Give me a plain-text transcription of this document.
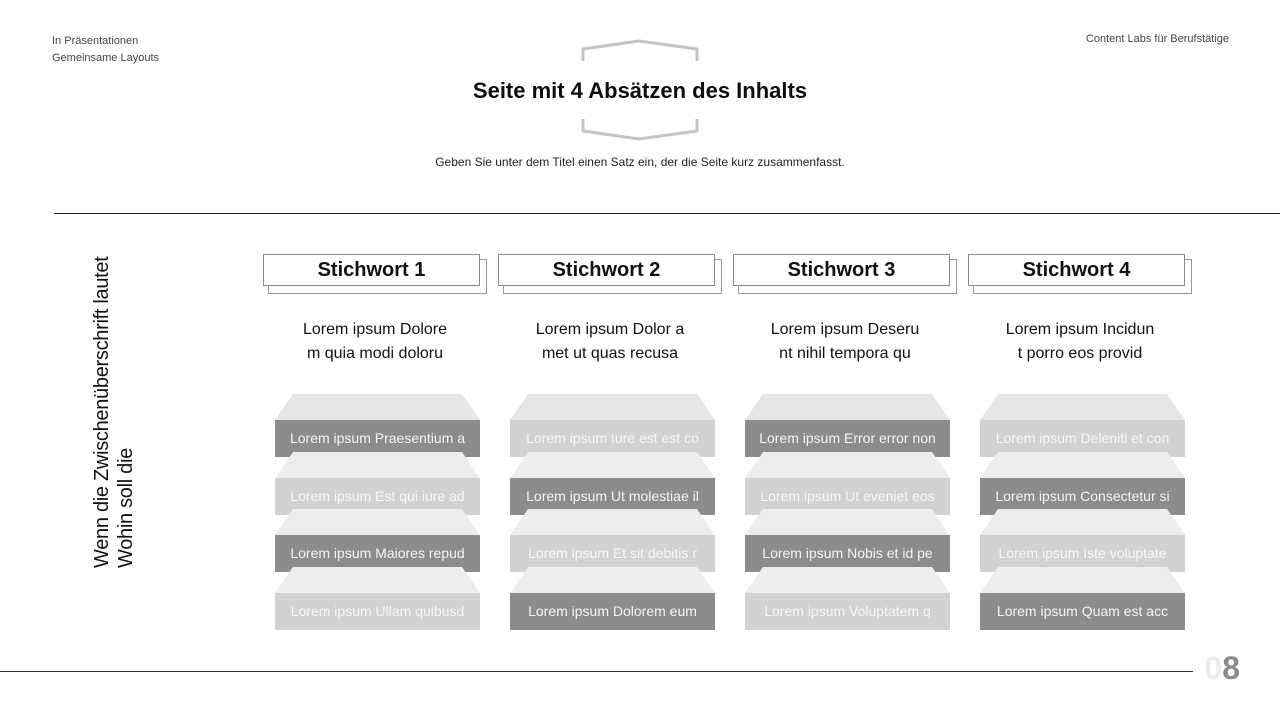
In Präsentationen
Gemeinsame Layouts
Content Labs für Berufstätige
Seite mit 4 Absätzen des Inhalts
Geben Sie unter dem Titel einen Satz ein, der die Seite kurz zusammenfasst.
Wenn die Zwischenüberschrift lautet Wohin soll die
Stichwort 1
Lorem ipsum Dolore
m quia modi doloru
Lorem ipsum Praesentium a
Lorem ipsum Est qui iure ad
Lorem ipsum Maiores repud
Lorem ipsum Ullam quibusd
Stichwort 2
Lorem ipsum Dolor a
met ut quas recusa
Lorem ipsum Iure est est co
Lorem ipsum Ut molestiae il
Lorem ipsum Et sit debitis r
Lorem ipsum Dolorem eum
Stichwort 3
Lorem ipsum Deseru
nt nihil tempora qu
Lorem ipsum Error error non
Lorem ipsum Ut eveniet eos
Lorem ipsum Nobis et id pe
Lorem ipsum Voluptatem q
Stichwort 4
Lorem ipsum Incidun
t porro eos provid
Lorem ipsum Deleniti et con
Lorem ipsum Consectetur si
Lorem ipsum Iste voluptate
Lorem ipsum Quam est acc
08
